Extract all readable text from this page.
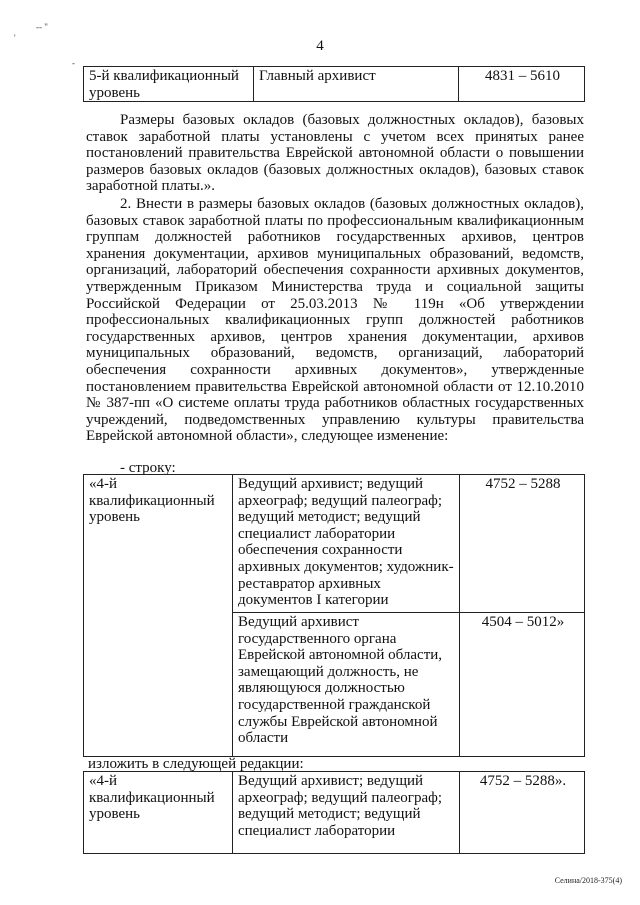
-- "
'
-
4
5-й квалификационный уровень	Главный архивист	4831 – 5610
Размеры базовых окладов (базовых должностных окладов), базовых ставок заработной платы установлены с учетом всех принятых ранее постановлений правительства Еврейской автономной области о повышении размеров базовых окладов (базовых должностных окладов), базовых ставок заработной платы.».
2. Внести в размеры базовых окладов (базовых должностных окладов), базовых ставок заработной платы по профессиональным квалификационным группам должностей работников государственных архивов, центров хранения документации, архивов муниципальных образований, ведомств, организаций, лабораторий обеспечения сохранности архивных документов, утвержденным Приказом Министерства труда и социальной защиты Российской Федерации от 25.03.2013 № 119н «Об утверждении профессиональных квалификационных групп должностей работников государственных архивов, центров хранения документации, архивов муниципальных образований, ведомств, организаций, лабораторий обеспечения сохранности архивных документов», утвержденные постановлением правительства Еврейской автономной области от 12.10.2010 № 387-пп «О системе оплаты труда работников областных государственных учреждений, подведомственных управлению культуры правительства Еврейской автономной области», следующее изменение:
- строку:
«4-й квалификационный уровень	Ведущий архивист; ведущий археограф; ведущий палеограф; ведущий методист; ведущий специалист лаборатории обеспечения сохранности архивных документов; художник-реставратор архивных документов I категории	4752 – 5288
	Ведущий архивист государственного органа Еврейской автономной области, замещающий должность, не являющуюся должностью государственной гражданской службы Еврейской автономной области	4504 – 5012»
изложить в следующей редакции:
«4-й квалификационный уровень	Ведущий архивист; ведущий археограф; ведущий палеограф; ведущий методист; ведущий специалист лаборатории	4752 – 5288».
Селина/2018-375(4)
